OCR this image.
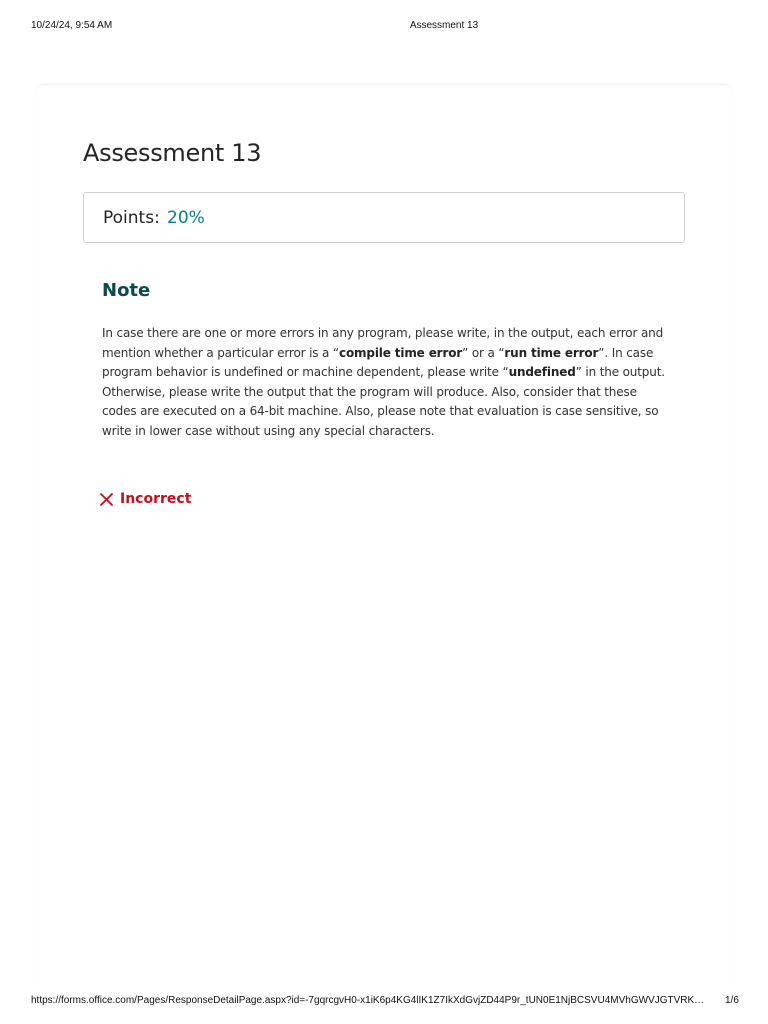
10/24/24, 9:54 AM	Assessment 13
Assessment 13
Points: 20%
Note

In case there are one or more errors in any program, please write, in the output, each error and mention whether a particular error is a “compile time error” or a “run time error”. In case program behavior is undefined or machine dependent, please write “undefined” in the output. Otherwise, please write the output that the program will produce. Also, consider that these codes are executed on a 64-bit machine. Also, please note that evaluation is case sensitive, so write in lower case without using any special characters.

Incorrect
https://forms.office.com/Pages/ResponseDetailPage.aspx?id=-7gqrcgvH0-x1iK6p4KG4lIK1Z7IkXdGvjZD44P9r_tUN0E1NjBCSVU4MVhGWVJGTVRK…	1/6
